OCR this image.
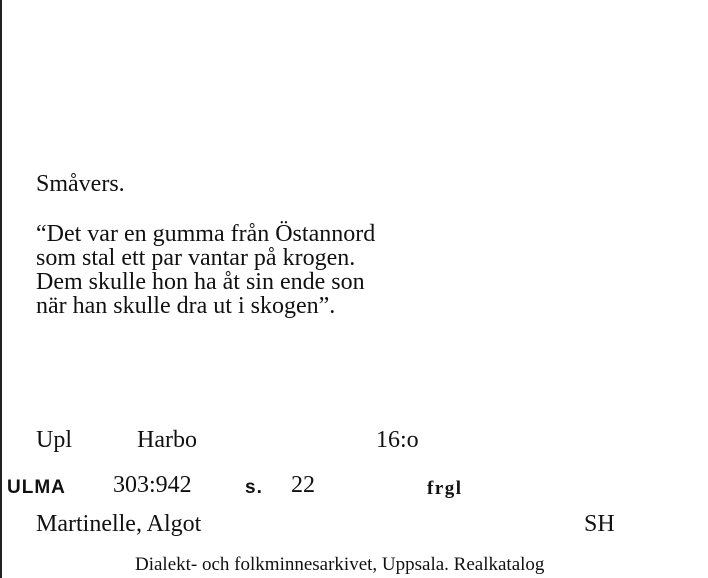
Småvers.
“Det var en gumma från Östannord
som stal ett par vantar på krogen.
Dem skulle hon ha åt sin ende son
när han skulle dra ut i skogen”.
Upl	Harbo	16:o
ULMA 303:942	s. 22	frgl
Martinelle, Algot	SH
Dialekt- och folkminnesarkivet, Uppsala. Realkatalog
